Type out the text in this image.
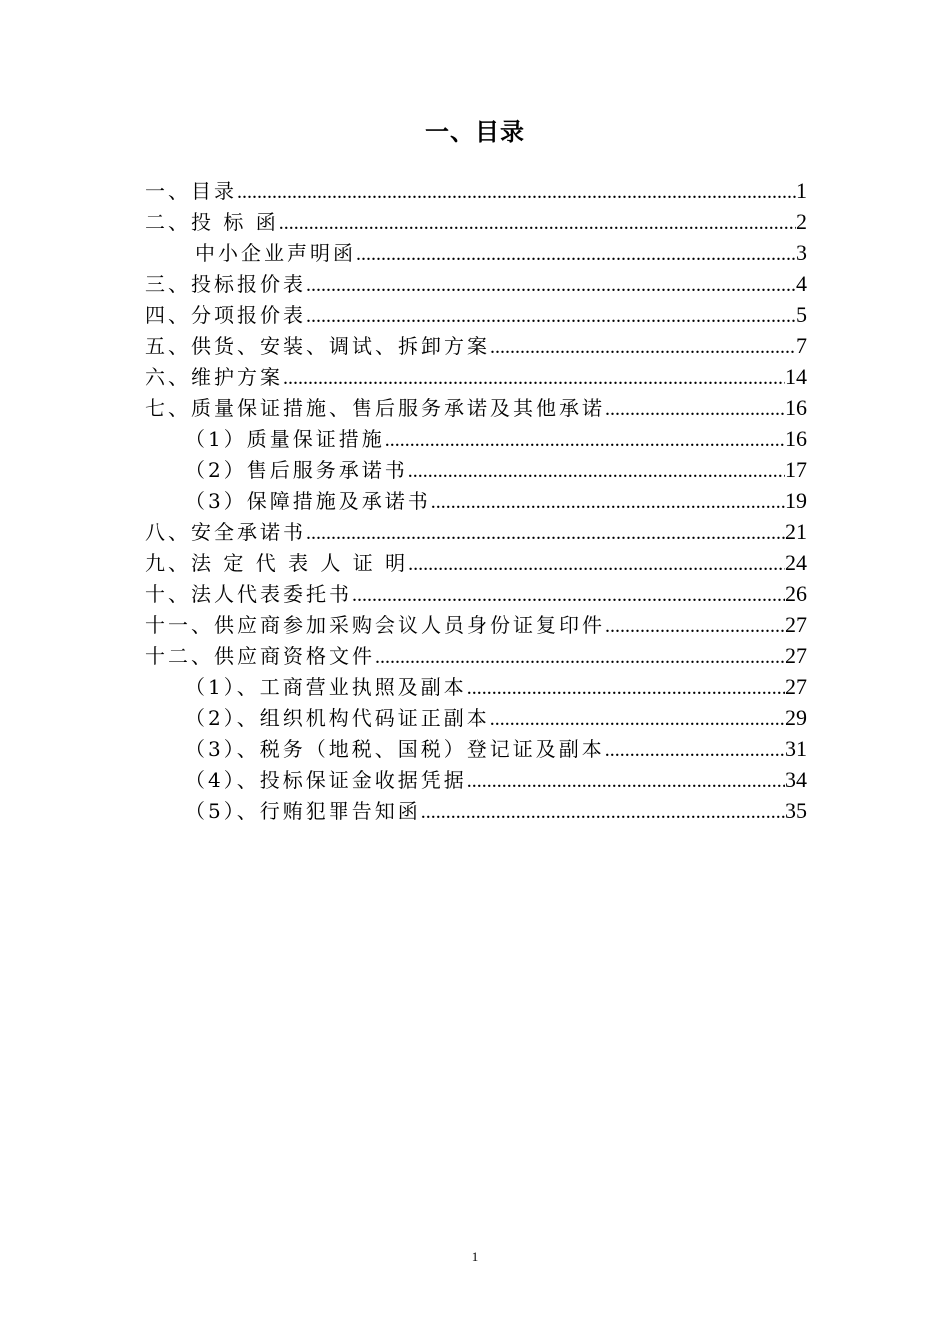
一、目录
一、目录 .....	1
二、投 标 函 .....	2
中小企业声明函 .....	3
三、投标报价表 .....	4
四、分项报价表 .....	5
五、供货、安装、调试、拆卸方案 .....	7
六、维护方案 .....	14
七、质量保证措施、售后服务承诺及其他承诺 .....	16
（1）质量保证措施 .....	16
（2）售后服务承诺书 .....	17
（3）保障措施及承诺书 .....	19
八、安全承诺书 .....	21
九、法 定 代 表 人 证 明 .....	24
十、法人代表委托书 .....	26
十一、供应商参加采购会议人员身份证复印件 .....	27
十二、供应商资格文件 .....	27
（1）、工商营业执照及副本 .....	27
（2）、组织机构代码证正副本 .....	29
（3）、税务（地税、国税）登记证及副本 .....	31
（4）、投标保证金收据凭据 .....	34
（5）、行贿犯罪告知函 .....	35
1
